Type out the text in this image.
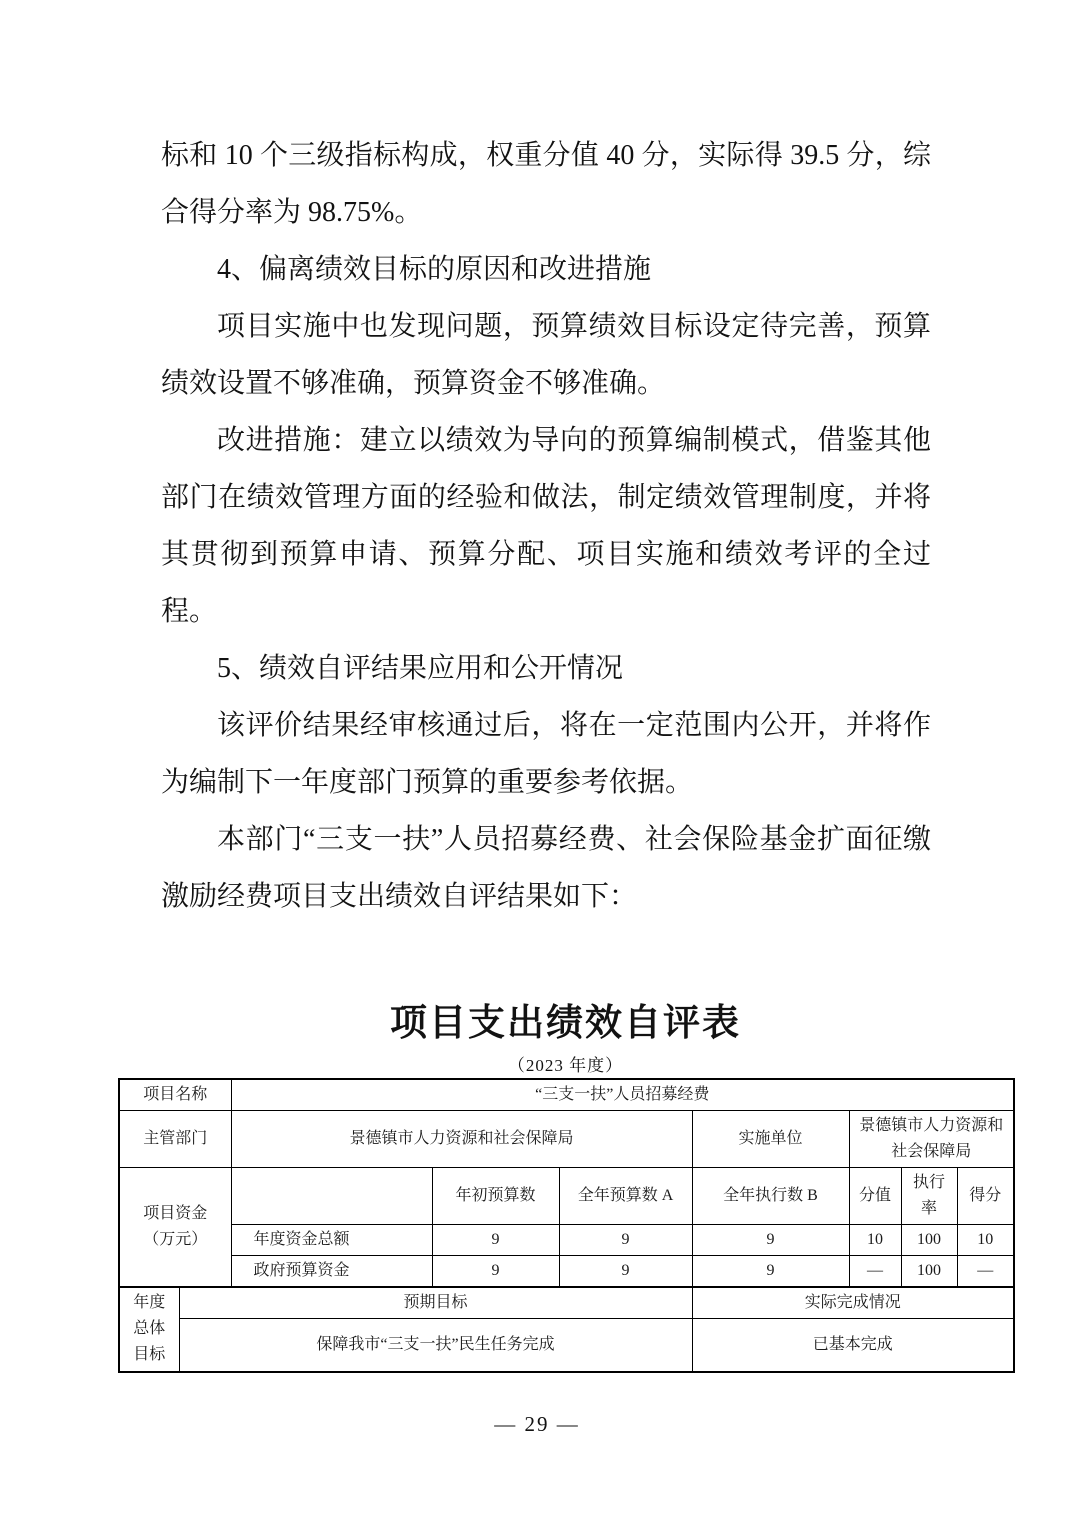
标和 10 个三级指标构成，权重分值 40 分，实际得 39.5 分，综合得分率为 98.75%。

4、偏离绩效目标的原因和改进措施

项目实施中也发现问题，预算绩效目标设定待完善，预算绩效设置不够准确，预算资金不够准确。

改进措施：建立以绩效为导向的预算编制模式，借鉴其他部门在绩效管理方面的经验和做法，制定绩效管理制度，并将其贯彻到预算申请、预算分配、项目实施和绩效考评的全过程。

5、绩效自评结果应用和公开情况

该评价结果经审核通过后，将在一定范围内公开，并将作为编制下一年度部门预算的重要参考依据。

本部门“三支一扶”人员招募经费、社会保险基金扩面征缴激励经费项目支出绩效自评结果如下：

项目支出绩效自评表
（2023 年度）
项目名称	“三支一扶”人员招募经费						
主管部门	景德镇市人力资源和社会保障局			实施单位	景德镇市人力资源和社会保障局		

项目资金
（万元）		年初预算数	全年预算数 A	全年执行数 B	分值	执行率	得分
	年度资金总额	9	9	9	10	100	10
	政府预算资金	9	9	9	—	100	—
年度
总体
目标	预期目标	实际完成情况
	保障我市“三支一扶”民生任务完成	已基本完成
— 29 —
